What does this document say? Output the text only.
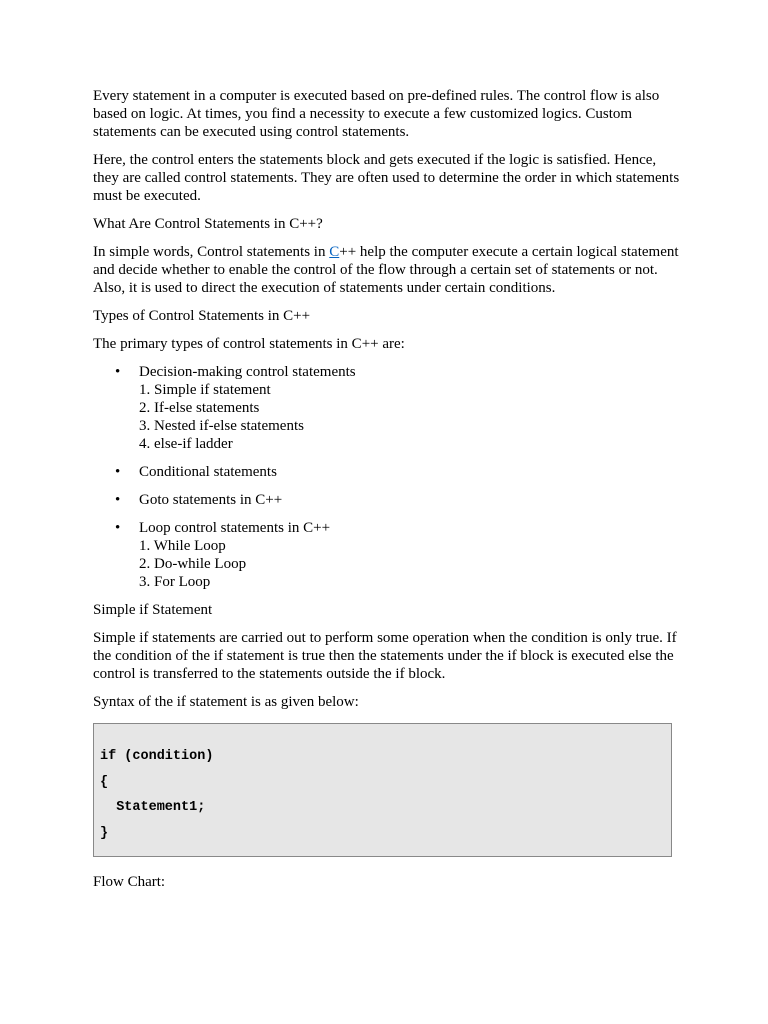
Every statement in a computer is executed based on pre-defined rules. The control flow is also based on logic. At times, you find a necessity to execute a few customized logics. Custom statements can be executed using control statements.

Here, the control enters the statements block and gets executed if the logic is satisfied. Hence, they are called control statements. They are often used to determine the order in which statements must be executed.

What Are Control Statements in C++?

In simple words, Control statements in C++ help the computer execute a certain logical statement and decide whether to enable the control of the flow through a certain set of statements or not. Also, it is used to direct the execution of statements under certain conditions.

Types of Control Statements in C++

The primary types of control statements in C++ are:

• Decision-making control statements
1. Simple if statement
2. If-else statements
3. Nested if-else statements
4. else-if ladder
• Conditional statements
• Goto statements in C++
• Loop control statements in C++
1. While Loop
2. Do-while Loop
3. For Loop

Simple if Statement

Simple if statements are carried out to perform some operation when the condition is only true. If the condition of the if statement is true then the statements under the if block is executed else the control is transferred to the statements outside the if block.

Syntax of the if statement is as given below:

if (condition)
{
Statement1;
}

Flow Chart:
